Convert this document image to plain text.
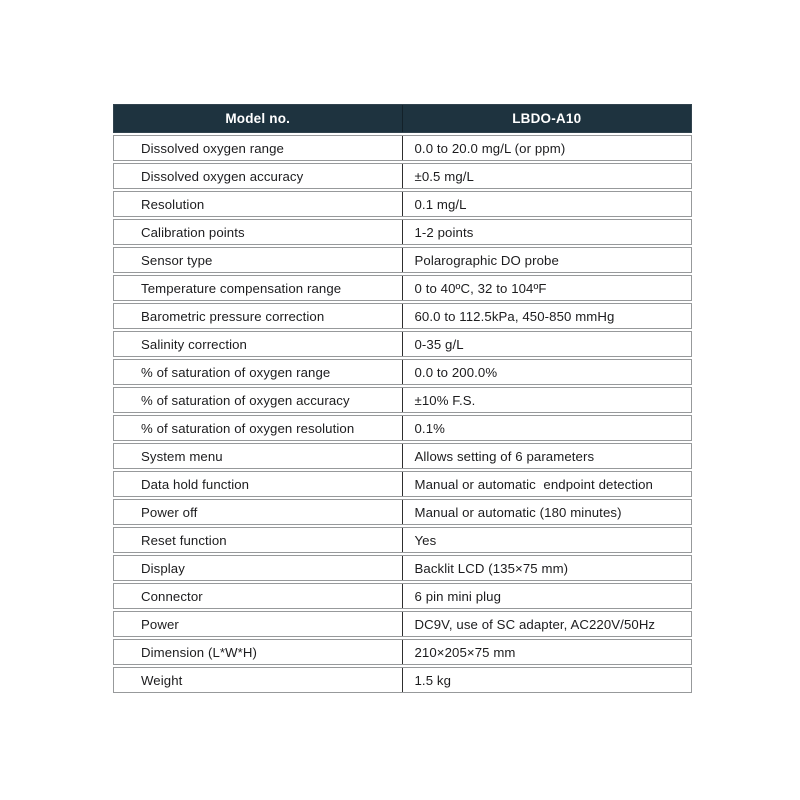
Model no.	LBDO-A10
Dissolved oxygen range	0.0 to 20.0 mg/L (or ppm)
Dissolved oxygen accuracy	±0.5 mg/L
Resolution	0.1 mg/L
Calibration points	1-2 points
Sensor type	Polarographic DO probe
Temperature compensation range	0 to 40ºC, 32 to 104ºF
Barometric pressure correction	60.0 to 112.5kPa, 450-850 mmHg
Salinity correction	0-35 g/L
% of saturation of oxygen range	0.0 to 200.0%
% of saturation of oxygen accuracy	±10% F.S.
% of saturation of oxygen resolution	0.1%
System menu	Allows setting of 6 parameters
Data hold function	Manual or automatic  endpoint detection
Power off	Manual or automatic (180 minutes)
Reset function	Yes
Display	Backlit LCD (135×75 mm)
Connector	6 pin mini plug
Power	DC9V, use of SC adapter, AC220V/50Hz
Dimension (L*W*H)	210×205×75 mm
Weight	1.5 kg
